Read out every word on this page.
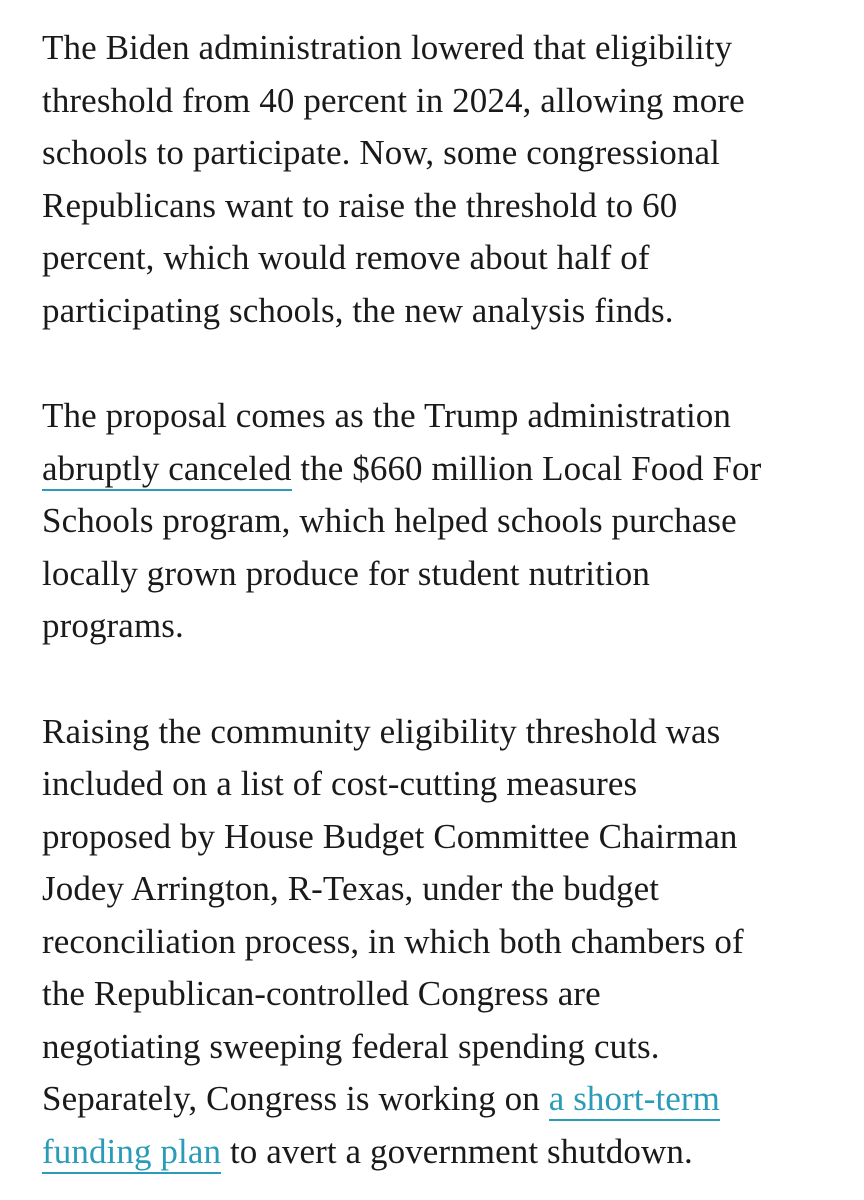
The Biden administration lowered that eligibility
threshold from 40 percent in 2024, allowing more
schools to participate. Now, some congressional
Republicans want to raise the threshold to 60
percent, which would remove about half of
participating schools, the new analysis finds.
The proposal comes as the Trump administration
abruptly canceled the $660 million Local Food For
Schools program, which helped schools purchase
locally grown produce for student nutrition
programs.
Raising the community eligibility threshold was
included on a list of cost-cutting measures
proposed by House Budget Committee Chairman
Jodey Arrington, R-Texas, under the budget
reconciliation process, in which both chambers of
the Republican-controlled Congress are
negotiating sweeping federal spending cuts.
Separately, Congress is working on a short-term
funding plan to avert a government shutdown.
